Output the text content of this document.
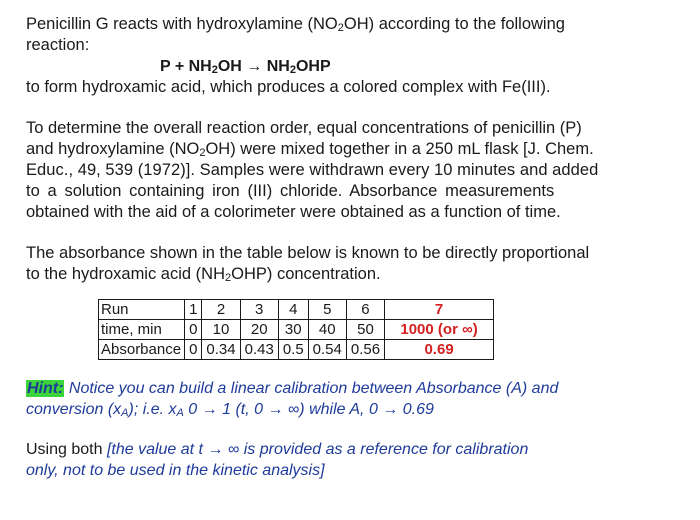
Penicillin G reacts with hydroxylamine $(NO_2OH)$ according to the following

reaction:

$P + NH_2OH \to NH_2OHP$

to form hydroxamic acid, which produces a colored complex with Fe(III).

To determine the overall reaction order, equal concentrations of penicillin (P)

and hydroxylamine $(NO_2OH)$ were mixed together in a 250 mL flask [J. Chem.

Educ., 49, 539 (1972)]. Samples were withdrawn every 10 minutes and added

to a solution containing iron (III) chloride. Absorbance measurements

obtained with the aid of a colorimeter were obtained as a function of time.

The absorbance shown in the table below is known to be directly proportional

to the hydroxamic acid $(NH_2OHP)$ concentration.

Run	1	2	3	4	5	6	7
time, min	0	10	20	30	40	50	1000 (or ∞)
Absorbance	0	0.34	0.43	0.5	0.54	0.56	0.69

Hint: Notice you can build a linear calibration between Absorbance (A) and

conversion $(x_A)$; i.e. $x_A$ 0 → 1 (t, 0 → ∞) while A, 0 → 0.69

Using both [the value at t → ∞ is provided as a reference for calibration

only, not to be used in the kinetic analysis]
